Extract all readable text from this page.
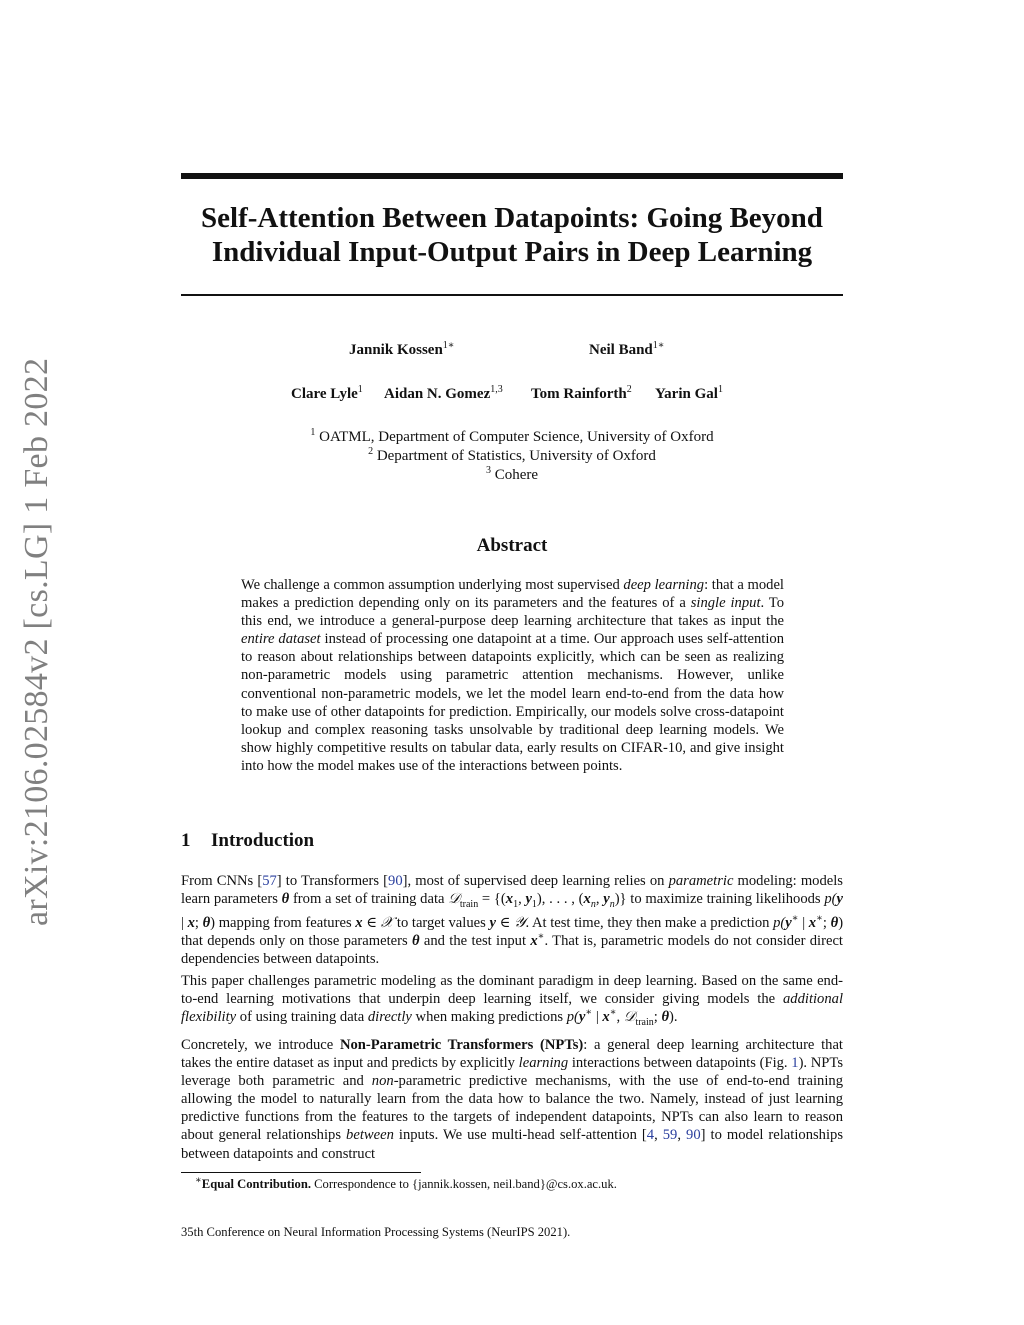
arXiv:2106.02584v2 [cs.LG] 1 Feb 2022
Self-Attention Between Datapoints: Going Beyond
Individual Input-Output Pairs in Deep Learning
Jannik Kossen$^{1∗}$	Neil Band$^{1∗}$
Clare Lyle$^1$ Aidan N. Gomez$^{1,3}$ Tom Rainforth$^2$ Yarin Gal$^1$
$^1$ OATML, Department of Computer Science, University of Oxford
$^2$ Department of Statistics, University of Oxford
$^3$ Cohere
Abstract
We challenge a common assumption underlying most supervised deep learning: that a model makes a prediction depending only on its parameters and the features of a single input. To this end, we introduce a general-purpose deep learning architecture that takes as input the entire dataset instead of processing one datapoint at a time. Our approach uses self-attention to reason about relationships between datapoints explicitly, which can be seen as realizing non-parametric models using parametric attention mechanisms. However, unlike conventional non-parametric models, we let the model learn end-to-end from the data how to make use of other datapoints for prediction. Empirically, our models solve cross-datapoint lookup and complex reasoning tasks unsolvable by traditional deep learning models. We show highly competitive results on tabular data, early results on CIFAR-10, and give insight into how the model makes use of the interactions between points.
1 Introduction
From CNNs [57] to Transformers [90], most of supervised deep learning relies on parametric modeling: models learn parameters θ from a set of training data 𝒟$_{train}$ = {($x_1$, $y_1$), . . . , ($x_n$, $y_n$)} to maximize training likelihoods p(y | x; θ) mapping from features x ∈ 𝒳 to target values y ∈ 𝒴. At test time, they then make a prediction p(y∗ | x∗; θ) that depends only on those parameters θ and the test input x∗. That is, parametric models do not consider direct dependencies between datapoints.
This paper challenges parametric modeling as the dominant paradigm in deep learning. Based on the same end-to-end learning motivations that underpin deep learning itself, we consider giving models the additional flexibility of using training data directly when making predictions p(y∗ | x∗, 𝒟$_{train}$; θ).
Concretely, we introduce Non-Parametric Transformers (NPTs): a general deep learning architecture that takes the entire dataset as input and predicts by explicitly learning interactions between datapoints (Fig. 1). NPTs leverage both parametric and non-parametric predictive mechanisms, with the use of end-to-end training allowing the model to naturally learn from the data how to balance the two. Namely, instead of just learning predictive functions from the features to the targets of independent datapoints, NPTs can also learn to reason about general relationships between inputs. We use multi-head self-attention [4, 59, 90] to model relationships between datapoints and construct
∗Equal Contribution. Correspondence to {jannik.kossen, neil.band}@cs.ox.ac.uk.
35th Conference on Neural Information Processing Systems (NeurIPS 2021).
